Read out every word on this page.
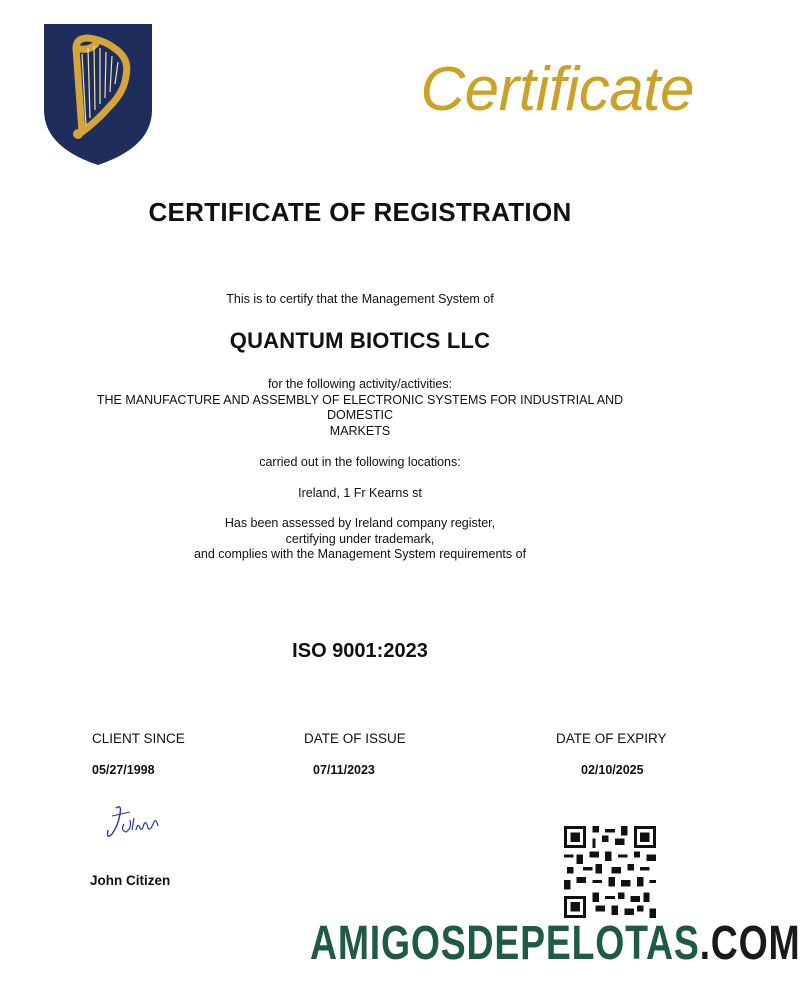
Certificate
CERTIFICATE OF REGISTRATION
This is to certify that the Management System of
QUANTUM BIOTICS LLC
for the following activity/activities:
THE MANUFACTURE AND ASSEMBLY OF ELECTRONIC SYSTEMS FOR INDUSTRIAL AND
DOMESTIC
MARKETS
carried out in the following locations:
Ireland, 1 Fr Kearns st
Has been assessed by Ireland company register,
certifying under trademark,
and complies with the Management System requirements of
ISO 9001:2023
CLIENT SINCE
05/27/1998
DATE OF ISSUE
07/11/2023
DATE OF EXPIRY
02/10/2025
John Citizen
AMIGOSDEPELOTAS.COM
